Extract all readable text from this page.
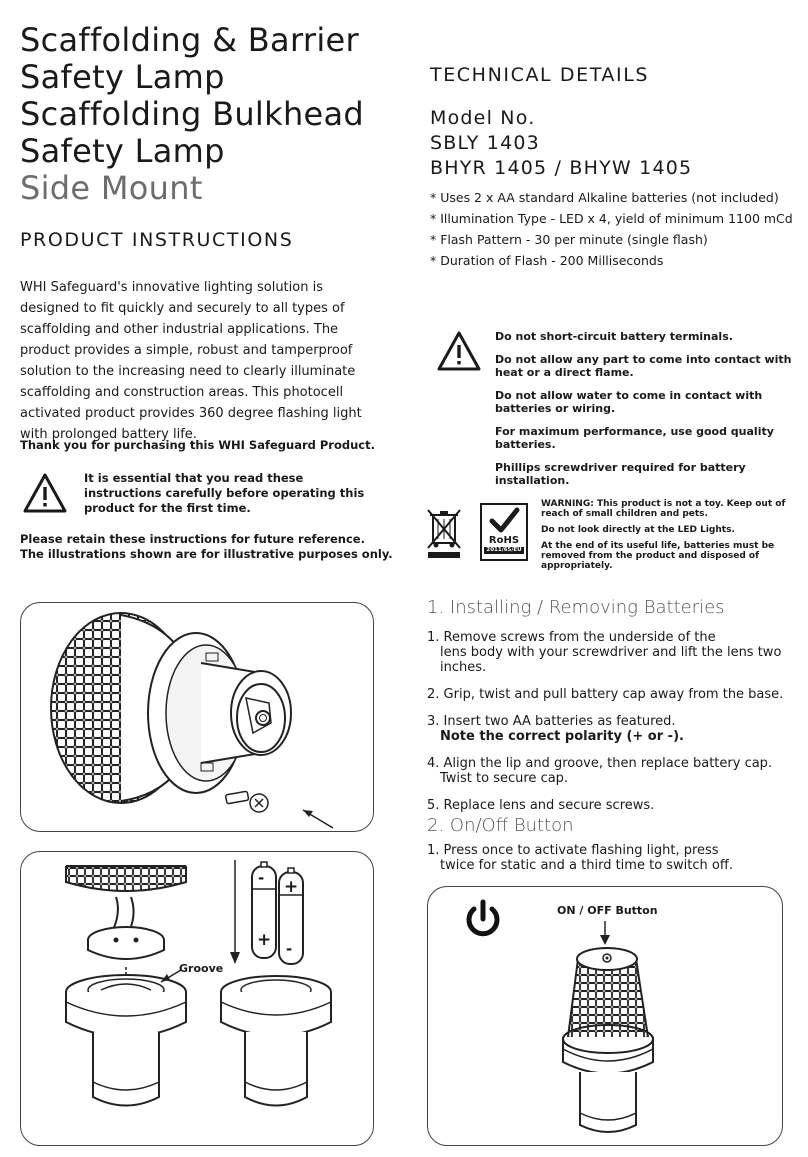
Scaffolding & Barrier
Safety Lamp
Scaffolding Bulkhead
Safety Lamp
Side Mount
PRODUCT INSTRUCTIONS
WHI Safeguard's innovative lighting solution is designed to fit quickly and securely to all types of scaffolding and other industrial applications. The product provides a simple, robust and tamperproof solution to the increasing need to clearly illuminate scaffolding and construction areas. This photocell activated product provides 360 degree flashing light with prolonged battery life.
Thank you for purchasing this WHI Safeguard Product.
It is essential that you read these instructions carefully before operating this product for the first time.
Please retain these instructions for future reference.
The illustrations shown are for illustrative purposes only.
TECHNICAL DETAILS
Model No.
SBLY 1403
BHYR 1405 / BHYW 1405
* Uses 2 x AA standard Alkaline batteries (not included)
* Illumination Type - LED x 4, yield of minimum 1100 mCd
* Flash Pattern - 30 per minute (single flash)
* Duration of Flash - 200 Milliseconds
Do not short-circuit battery terminals.
Do not allow any part to come into contact with heat or a direct flame.
Do not allow water to come in contact with batteries or wiring.
For maximum performance, use good quality batteries.
Phillips screwdriver required for battery installation.
RoHS
2011/65/EU
WARNING: This product is not a toy. Keep out of reach of small children and pets.
Do not look directly at the LED Lights.
At the end of its useful life, batteries must be removed from the product and disposed of appropriately.
1. Installing / Removing Batteries
1. Remove screws from the underside of the
lens body with your screwdriver and lift the lens two inches.
2. Grip, twist and pull battery cap away from the base.
3. Insert two AA batteries as featured.
Note the correct polarity (+ or -).
4. Align the lip and groove, then replace battery cap.
Twist to secure cap.
5. Replace lens and secure screws.
2. On/Off Button
1. Press once to activate flashing light, press
twice for static and a third time to switch off.
Groove
-
+
+
-
ON / OFF Button
